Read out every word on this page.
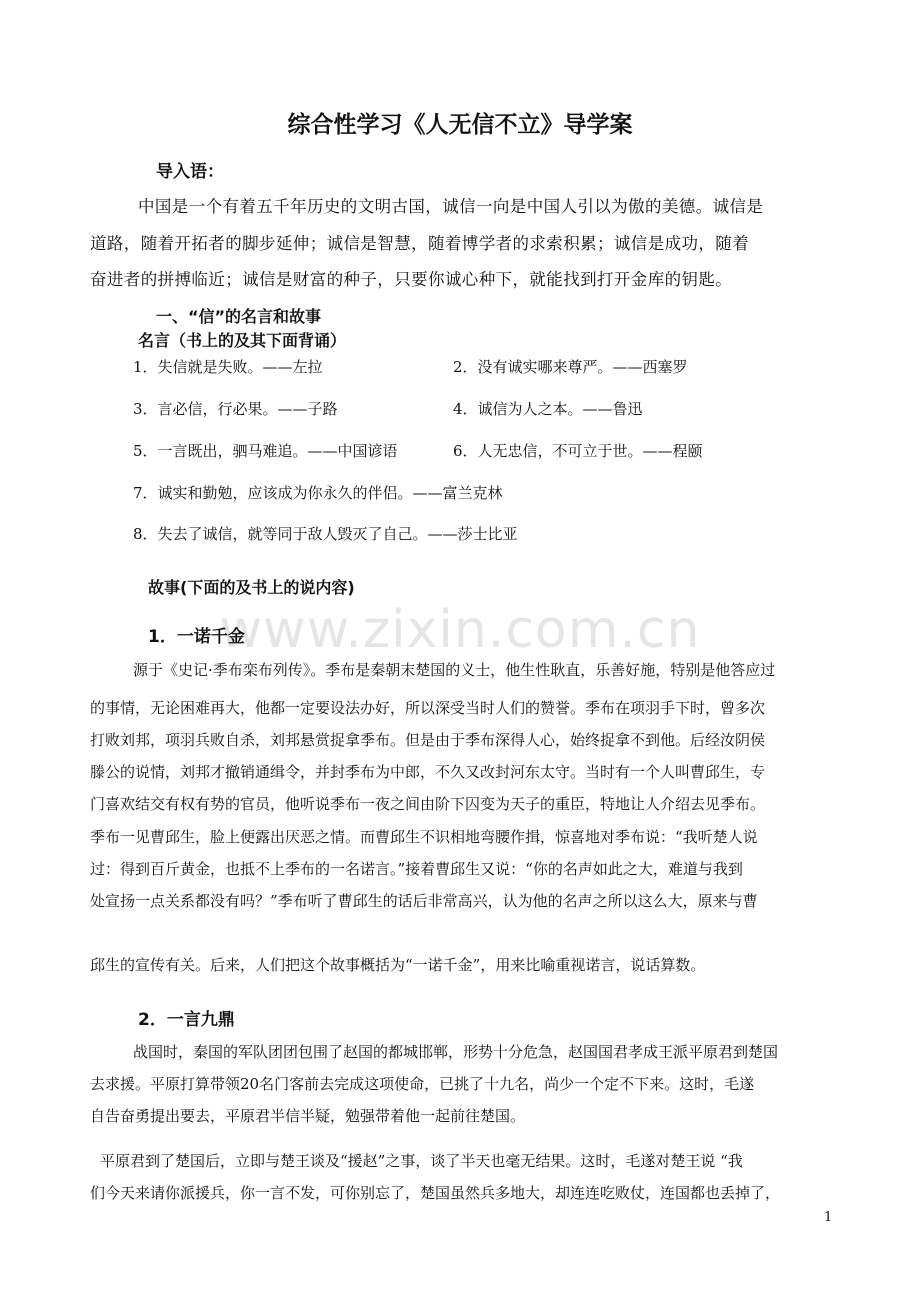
综合性学习《人无信不立》导学案
导入语：
中国是一个有着五千年历史的文明古国，诚信一向是中国人引以为傲的美德。诚信是
道路，随着开拓者的脚步延伸；诚信是智慧，随着博学者的求索积累；诚信是成功，随着
奋进者的拼搏临近；诚信是财富的种子，只要你诚心种下，就能找到打开金库的钥匙。
一、“信”的名言和故事
名言（书上的及其下面背诵）
1．失信就是失败。——左拉	2．没有诚实哪来尊严。——西塞罗
3．言必信，行必果。——子路	4．诚信为人之本。——鲁迅
5．一言既出，驷马难追。——中国谚语	6．人无忠信，不可立于世。——程颐
7．诚实和勤勉，应该成为你永久的伴侣。——富兰克林
8．失去了诚信，就等同于敌人毁灭了自己。——莎士比亚
故事(下面的及书上的说内容)
www.zixin.com.cn
1．一诺千金
源于《史记·季布栾布列传》。季布是秦朝末楚国的义士，他生性耿直，乐善好施，特别是他答应过
的事情，无论困难再大，他都一定要设法办好，所以深受当时人们的赞誉。季布在项羽手下时，曾多次
打败刘邦，项羽兵败自杀，刘邦悬赏捉拿季布。但是由于季布深得人心，始终捉拿不到他。后经汝阴侯
滕公的说情，刘邦才撤销通缉令，并封季布为中郎，不久又改封河东太守。当时有一个人叫曹邱生，专
门喜欢结交有权有势的官员，他听说季布一夜之间由阶下囚变为天子的重臣，特地让人介绍去见季布。
季布一见曹邱生，脸上便露出厌恶之情。而曹邱生不识相地弯腰作揖，惊喜地对季布说：“我听楚人说
过：得到百斤黄金，也抵不上季布的一名诺言。”接着曹邱生又说：“你的名声如此之大，难道与我到
处宣扬一点关系都没有吗？”季布听了曹邱生的话后非常高兴，认为他的名声之所以这么大，原来与曹
邱生的宣传有关。后来，人们把这个故事概括为“一诺千金”，用来比喻重视诺言，说话算数。
2．一言九鼎
战国时，秦国的军队团团包围了赵国的都城邯郸，形势十分危急，赵国国君孝成王派平原君到楚国
去求援。平原打算带领20名门客前去完成这项使命，已挑了十九名，尚少一个定不下来。这时，毛遂
自告奋勇提出要去，平原君半信半疑，勉强带着他一起前往楚国。
平原君到了楚国后，立即与楚王谈及“援赵”之事，谈了半天也毫无结果。这时，毛遂对楚王说 “我
们今天来请你派援兵，你一言不发，可你别忘了，楚国虽然兵多地大，却连连吃败仗，连国都也丢掉了，
1
